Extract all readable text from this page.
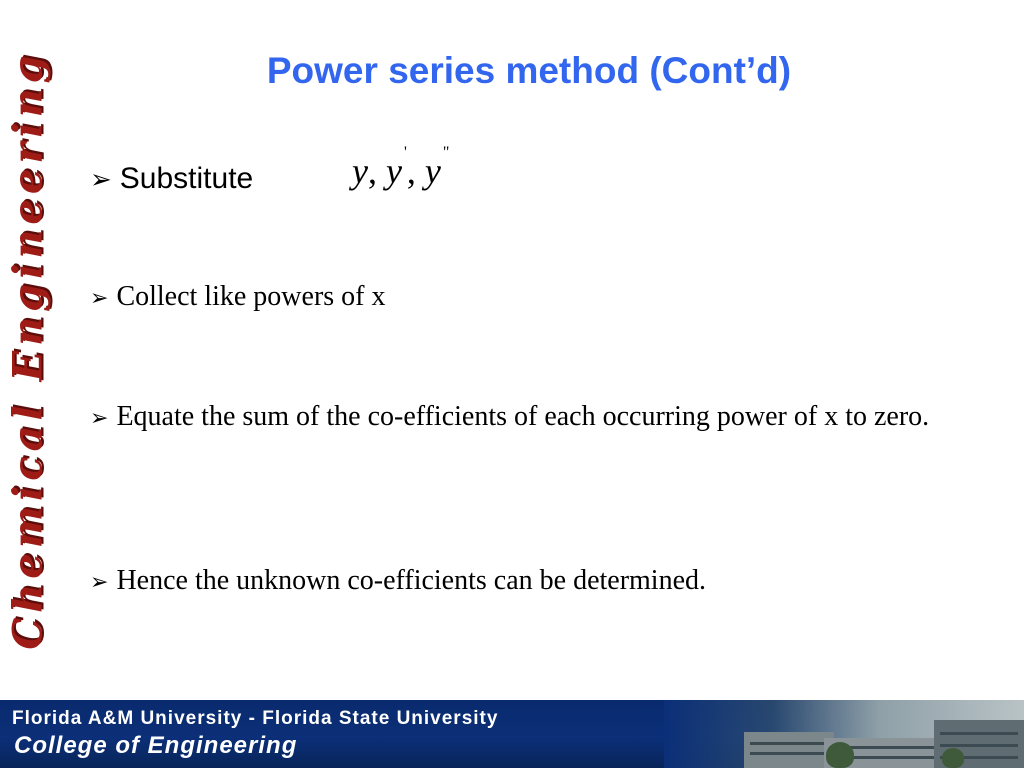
Chemical Engineering	Power series method (Cont’d)
➢ Substitute	y, y ', y "
➢ Collect like powers of x
➢ Equate the sum of the co-efficients of each occurring power of x to zero.
➢ Hence the unknown co-efficients can be determined.
Florida A&M University - Florida State University
College of Engineering
